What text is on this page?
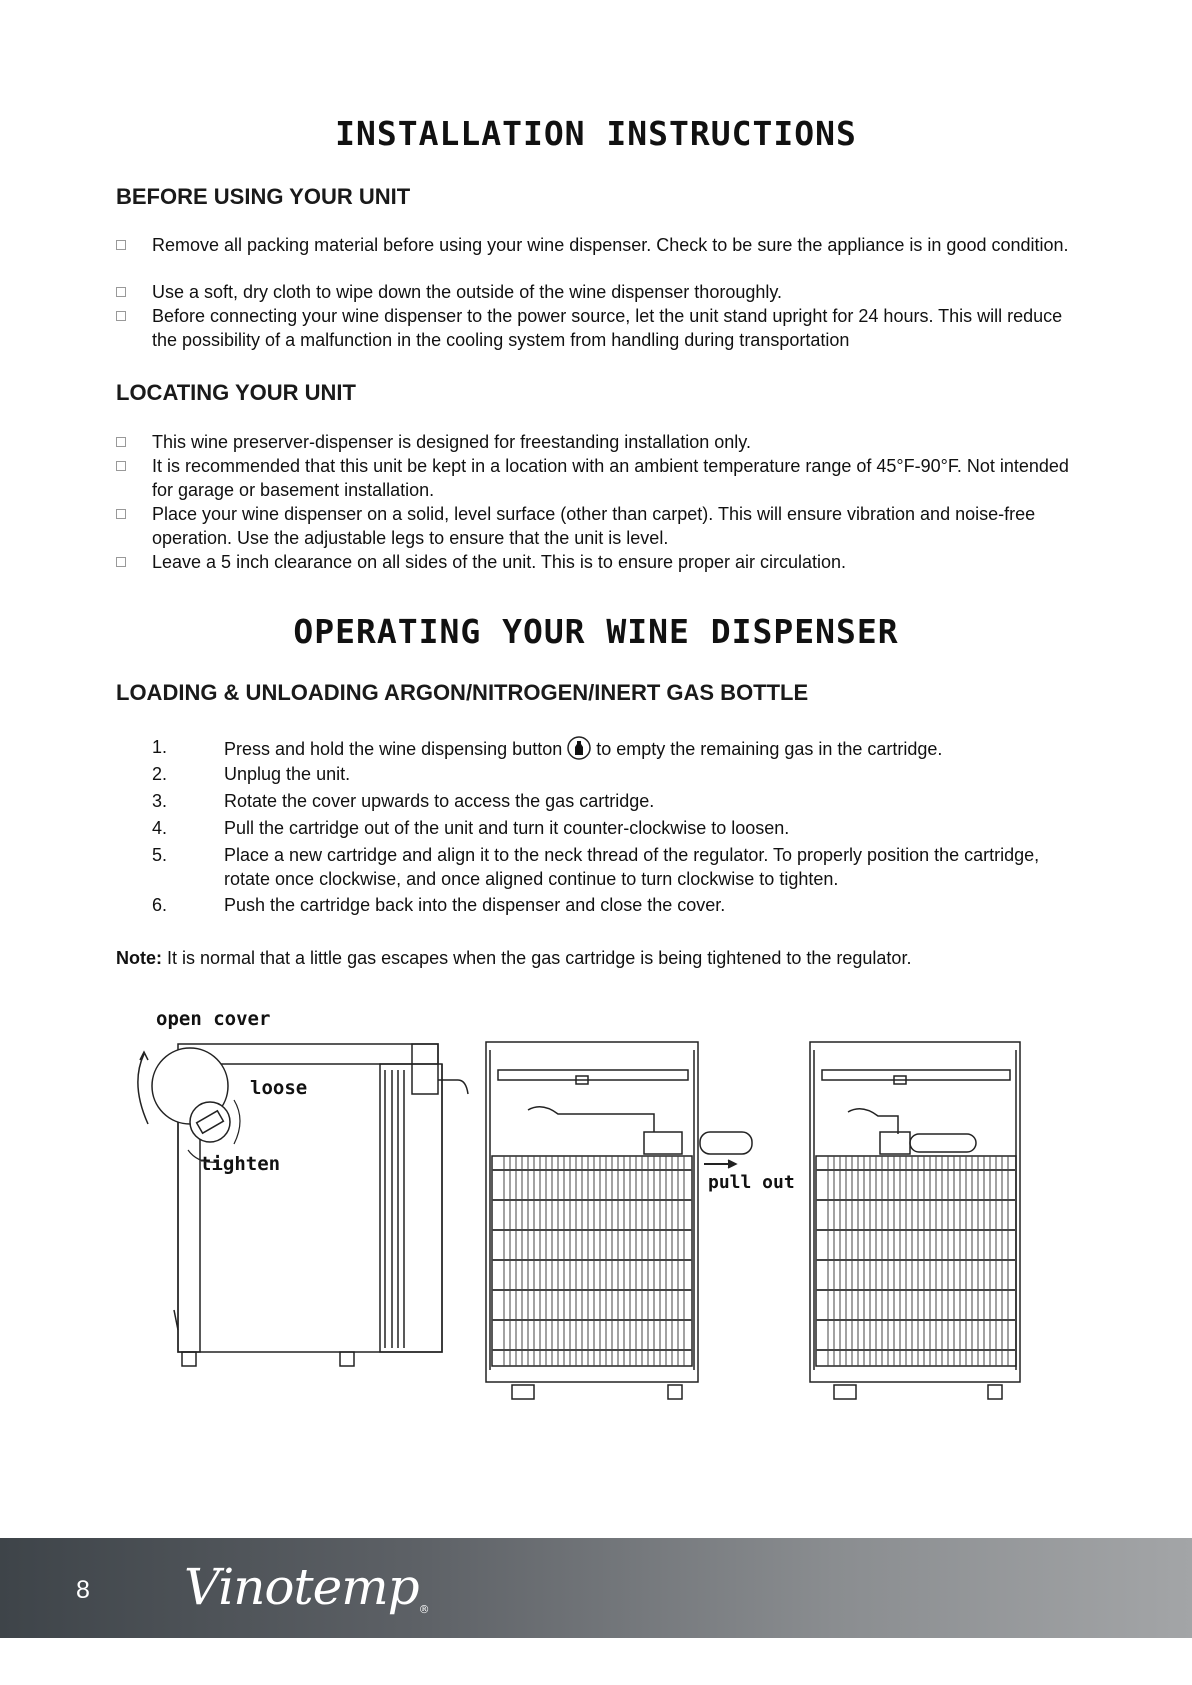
INSTALLATION INSTRUCTIONS
BEFORE USING YOUR UNIT
Remove all packing material before using your wine dispenser. Check to be sure the appliance is in good condition.
Use a soft, dry cloth to wipe down the outside of the wine dispenser thoroughly.
Before connecting your wine dispenser to the power source, let the unit stand upright for 24 hours. This will reduce the possibility of a malfunction in the cooling system from handling during transportation
LOCATING YOUR UNIT
This wine preserver-dispenser is designed for freestanding installation only.
It is recommended that this unit be kept in a location with an ambient temperature range of 45°F-90°F. Not intended for garage or basement installation.
Place your wine dispenser on a solid, level surface (other than carpet). This will ensure vibration and noise-free operation. Use the adjustable legs to ensure that the unit is level.
Leave a 5 inch clearance on all sides of the unit. This is to ensure proper air circulation.
OPERATING YOUR WINE DISPENSER
LOADING & UNLOADING ARGON/NITROGEN/INERT GAS BOTTLE
1.	Press and hold the wine dispensing button  to empty the remaining gas in the cartridge.
2.	Unplug the unit.
3.	Rotate the cover upwards to access the gas cartridge.
4.	Pull the cartridge out of the unit and turn it counter-clockwise to loosen.
5.	Place a new cartridge and align it to the neck thread of the regulator. To properly position the cartridge, rotate once clockwise, and once aligned continue to turn clockwise to tighten.
6.	Push the cartridge back into the dispenser and close the cover.
Note: It is normal that a little gas escapes when the gas cartridge is being tightened to the regulator.
open cover
loose
tighten
pull out
8 Vinotemp®
